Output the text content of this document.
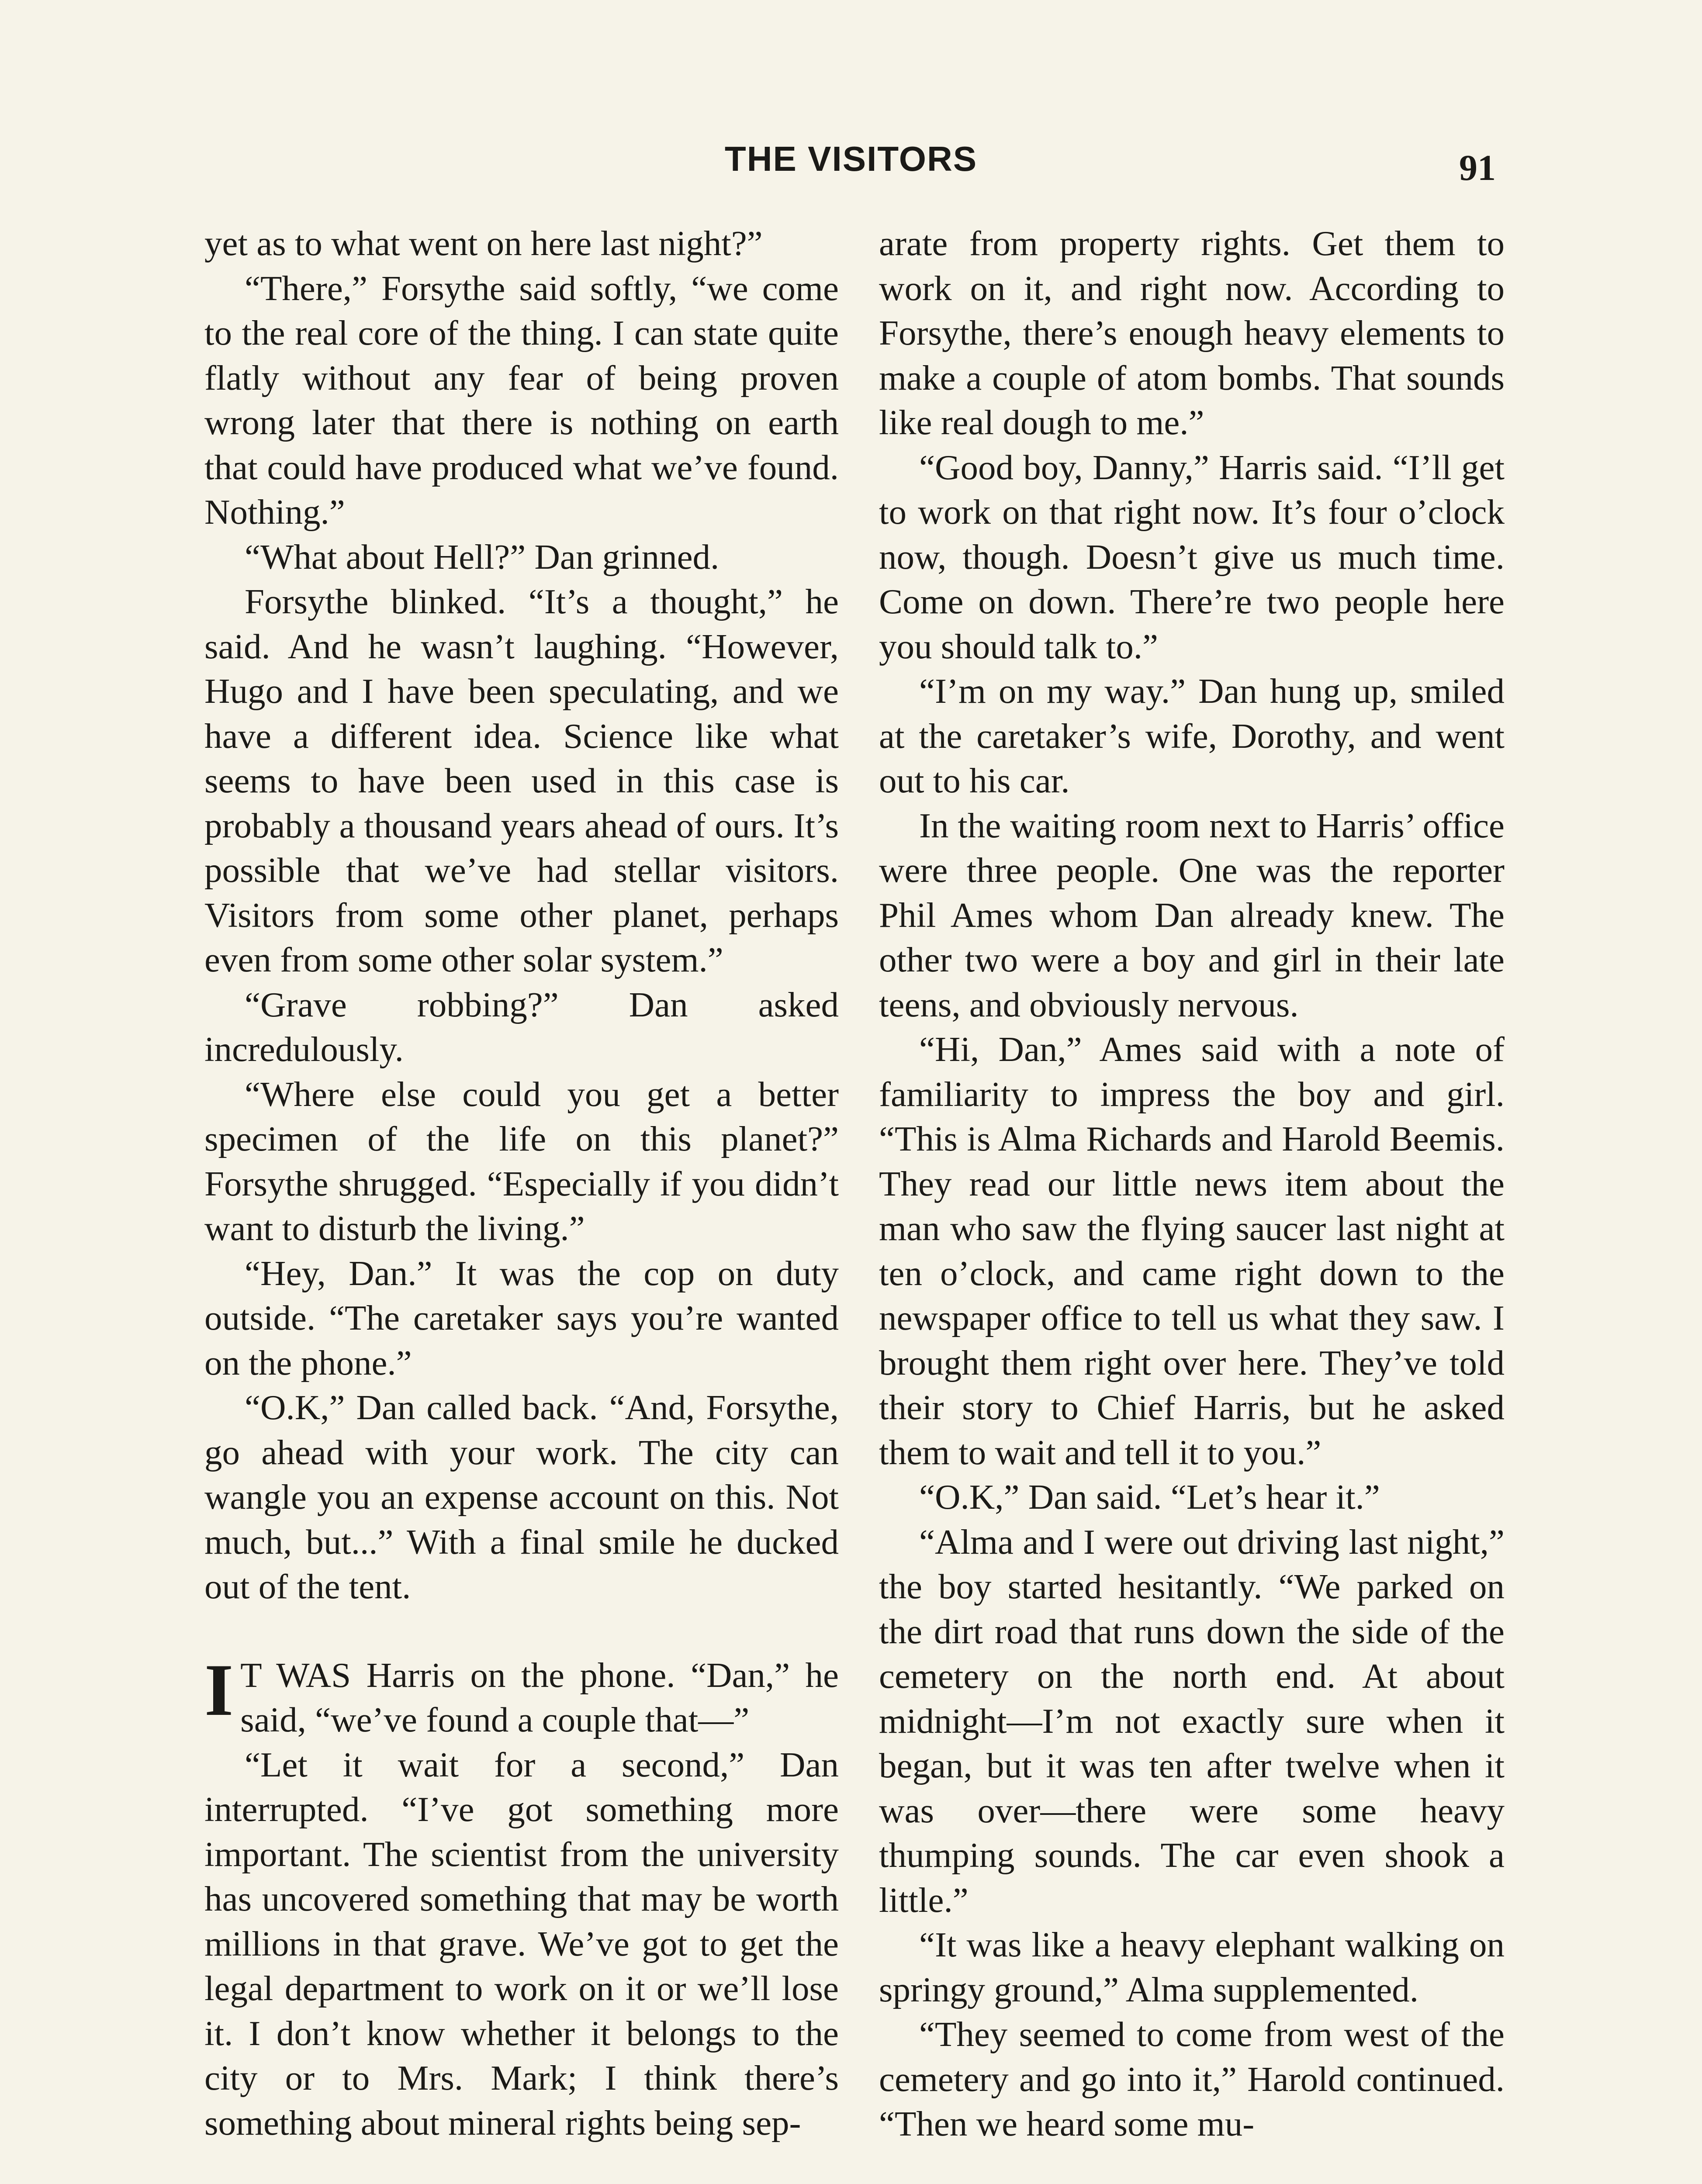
THE VISITORS	91

yet as to what went on here last night?”

“There,” Forsythe said softly, “we come to the real core of the thing. I can state quite flatly without any fear of being proven wrong later that there is nothing on earth that could have produced what we’ve found. Nothing.”

“What about Hell?” Dan grinned.

Forsythe blinked. “It’s a thought,” he said. And he wasn’t laughing. “However, Hugo and I have been speculating, and we have a different idea. Science like what seems to have been used in this case is probably a thousand years ahead of ours. It’s possible that we’ve had stellar visitors. Visitors from some other planet, perhaps even from some other solar system.”

“Grave robbing?” Dan asked incredulously.

“Where else could you get a better specimen of the life on this planet?” Forsythe shrugged. “Especially if you didn’t want to disturb the living.”

“Hey, Dan.” It was the cop on duty outside. “The caretaker says you’re wanted on the phone.”

“O.K,” Dan called back. “And, Forsythe, go ahead with your work. The city can wangle you an expense account on this. Not much, but...” With a final smile he ducked out of the tent.

I T WAS Harris on the phone. “Dan,” he said, “we’ve found a couple that—”

“Let it wait for a second,” Dan interrupted. “I’ve got something more important. The scientist from the university has uncovered something that may be worth millions in that grave. We’ve got to get the legal department to work on it or we’ll lose it. I don’t know whether it belongs to the city or to Mrs. Mark; I think there’s something about mineral rights being sep-

arate from property rights. Get them to work on it, and right now. According to Forsythe, there’s enough heavy elements to make a couple of atom bombs. That sounds like real dough to me.”

“Good boy, Danny,” Harris said. “I’ll get to work on that right now. It’s four o’clock now, though. Doesn’t give us much time. Come on down. There’re two people here you should talk to.”

“I’m on my way.” Dan hung up, smiled at the caretaker’s wife, Dorothy, and went out to his car.

In the waiting room next to Harris’ office were three people. One was the reporter Phil Ames whom Dan already knew. The other two were a boy and girl in their late teens, and obviously nervous.

“Hi, Dan,” Ames said with a note of familiarity to impress the boy and girl. “This is Alma Richards and Harold Beemis. They read our little news item about the man who saw the flying saucer last night at ten o’clock, and came right down to the newspaper office to tell us what they saw. I brought them right over here. They’ve told their story to Chief Harris, but he asked them to wait and tell it to you.”

“O.K,” Dan said. “Let’s hear it.”

“Alma and I were out driving last night,” the boy started hesitantly. “We parked on the dirt road that runs down the side of the cemetery on the north end. At about midnight—I’m not exactly sure when it began, but it was ten after twelve when it was over—there were some heavy thumping sounds. The car even shook a little.”

“It was like a heavy elephant walking on springy ground,” Alma supplemented.

“They seemed to come from west of the cemetery and go into it,” Harold continued. “Then we heard some mu-
